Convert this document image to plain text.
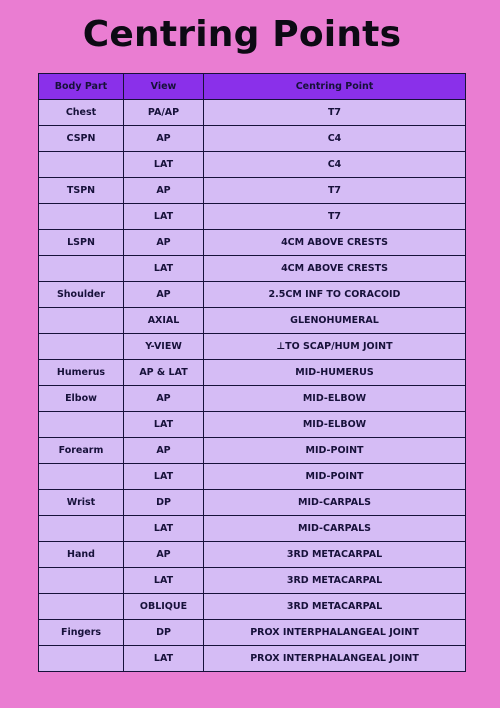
Centring Points
Body Part	View	Centring Point
Chest	PA/AP	T7
CSPN	AP	C4
	LAT	C4
TSPN	AP	T7
	LAT	T7
LSPN	AP	4CM ABOVE CRESTS
	LAT	4CM ABOVE CRESTS
Shoulder	AP	2.5CM INF TO CORACOID
	AXIAL	GLENOHUMERAL
	Y-VIEW	⊥TO SCAP/HUM JOINT
Humerus	AP & LAT	MID-HUMERUS
Elbow	AP	MID-ELBOW
	LAT	MID-ELBOW
Forearm	AP	MID-POINT
	LAT	MID-POINT
Wrist	DP	MID-CARPALS
	LAT	MID-CARPALS
Hand	AP	3RD METACARPAL
	LAT	3RD METACARPAL
	OBLIQUE	3RD METACARPAL
Fingers	DP	PROX INTERPHALANGEAL JOINT
	LAT	PROX INTERPHALANGEAL JOINT
